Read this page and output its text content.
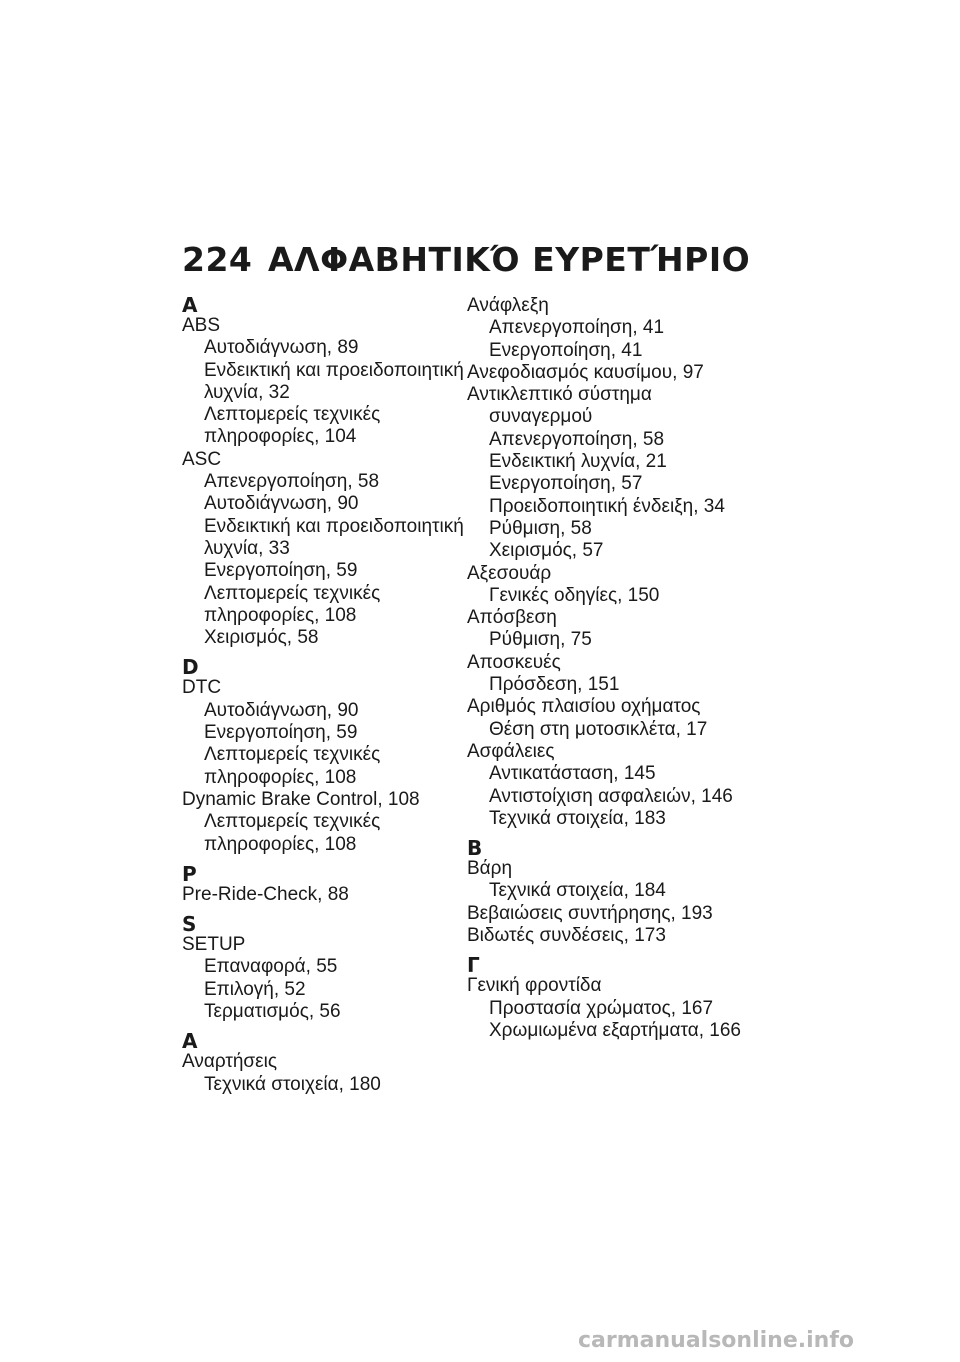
224 ΑΛΦΑΒΗΤΙΚΌ ΕΥΡΕΤΉΡΙΟ
A
ABS
Αυτοδιάγνωση, 89
Ενδεικτική και προειδοποιητική
λυχνία, 32
Λεπτομερείς τεχνικές
πληροφορίες, 104
ASC
Απενεργοποίηση, 58
Αυτοδιάγνωση, 90
Ενδεικτική και προειδοποιητική
λυχνία, 33
Ενεργοποίηση, 59
Λεπτομερείς τεχνικές
πληροφορίες, 108
Χειρισμός, 58
D
DTC
Αυτοδιάγνωση, 90
Ενεργοποίηση, 59
Λεπτομερείς τεχνικές
πληροφορίες, 108
Dynamic Brake Control, 108
Λεπτομερείς τεχνικές
πληροφορίες, 108
P
Pre-Ride-Check, 88
S
SETUP
Επαναφορά, 55
Επιλογή, 52
Τερματισμός, 56
Α
Αναρτήσεις
Τεχνικά στοιχεία, 180
Ανάφλεξη
Απενεργοποίηση, 41
Ενεργοποίηση, 41
Ανεφοδιασμός καυσίμου, 97
Αντικλεπτικό σύστημα
συναγερμού
Απενεργοποίηση, 58
Ενδεικτική λυχνία, 21
Ενεργοποίηση, 57
Προειδοποιητική ένδειξη, 34
Ρύθμιση, 58
Χειρισμός, 57
Αξεσουάρ
Γενικές οδηγίες, 150
Απόσβεση
Ρύθμιση, 75
Αποσκευές
Πρόσδεση, 151
Αριθμός πλαισίου οχήματος
Θέση στη μοτοσικλέτα, 17
Ασφάλειες
Αντικατάσταση, 145
Αντιστοίχιση ασφαλειών, 146
Τεχνικά στοιχεία, 183
Β
Βάρη
Τεχνικά στοιχεία, 184
Βεβαιώσεις συντήρησης, 193
Βιδωτές συνδέσεις, 173
Γ
Γενική φροντίδα
Προστασία χρώματος, 167
Χρωμιωμένα εξαρτήματα, 166
carmanualsonline.info
